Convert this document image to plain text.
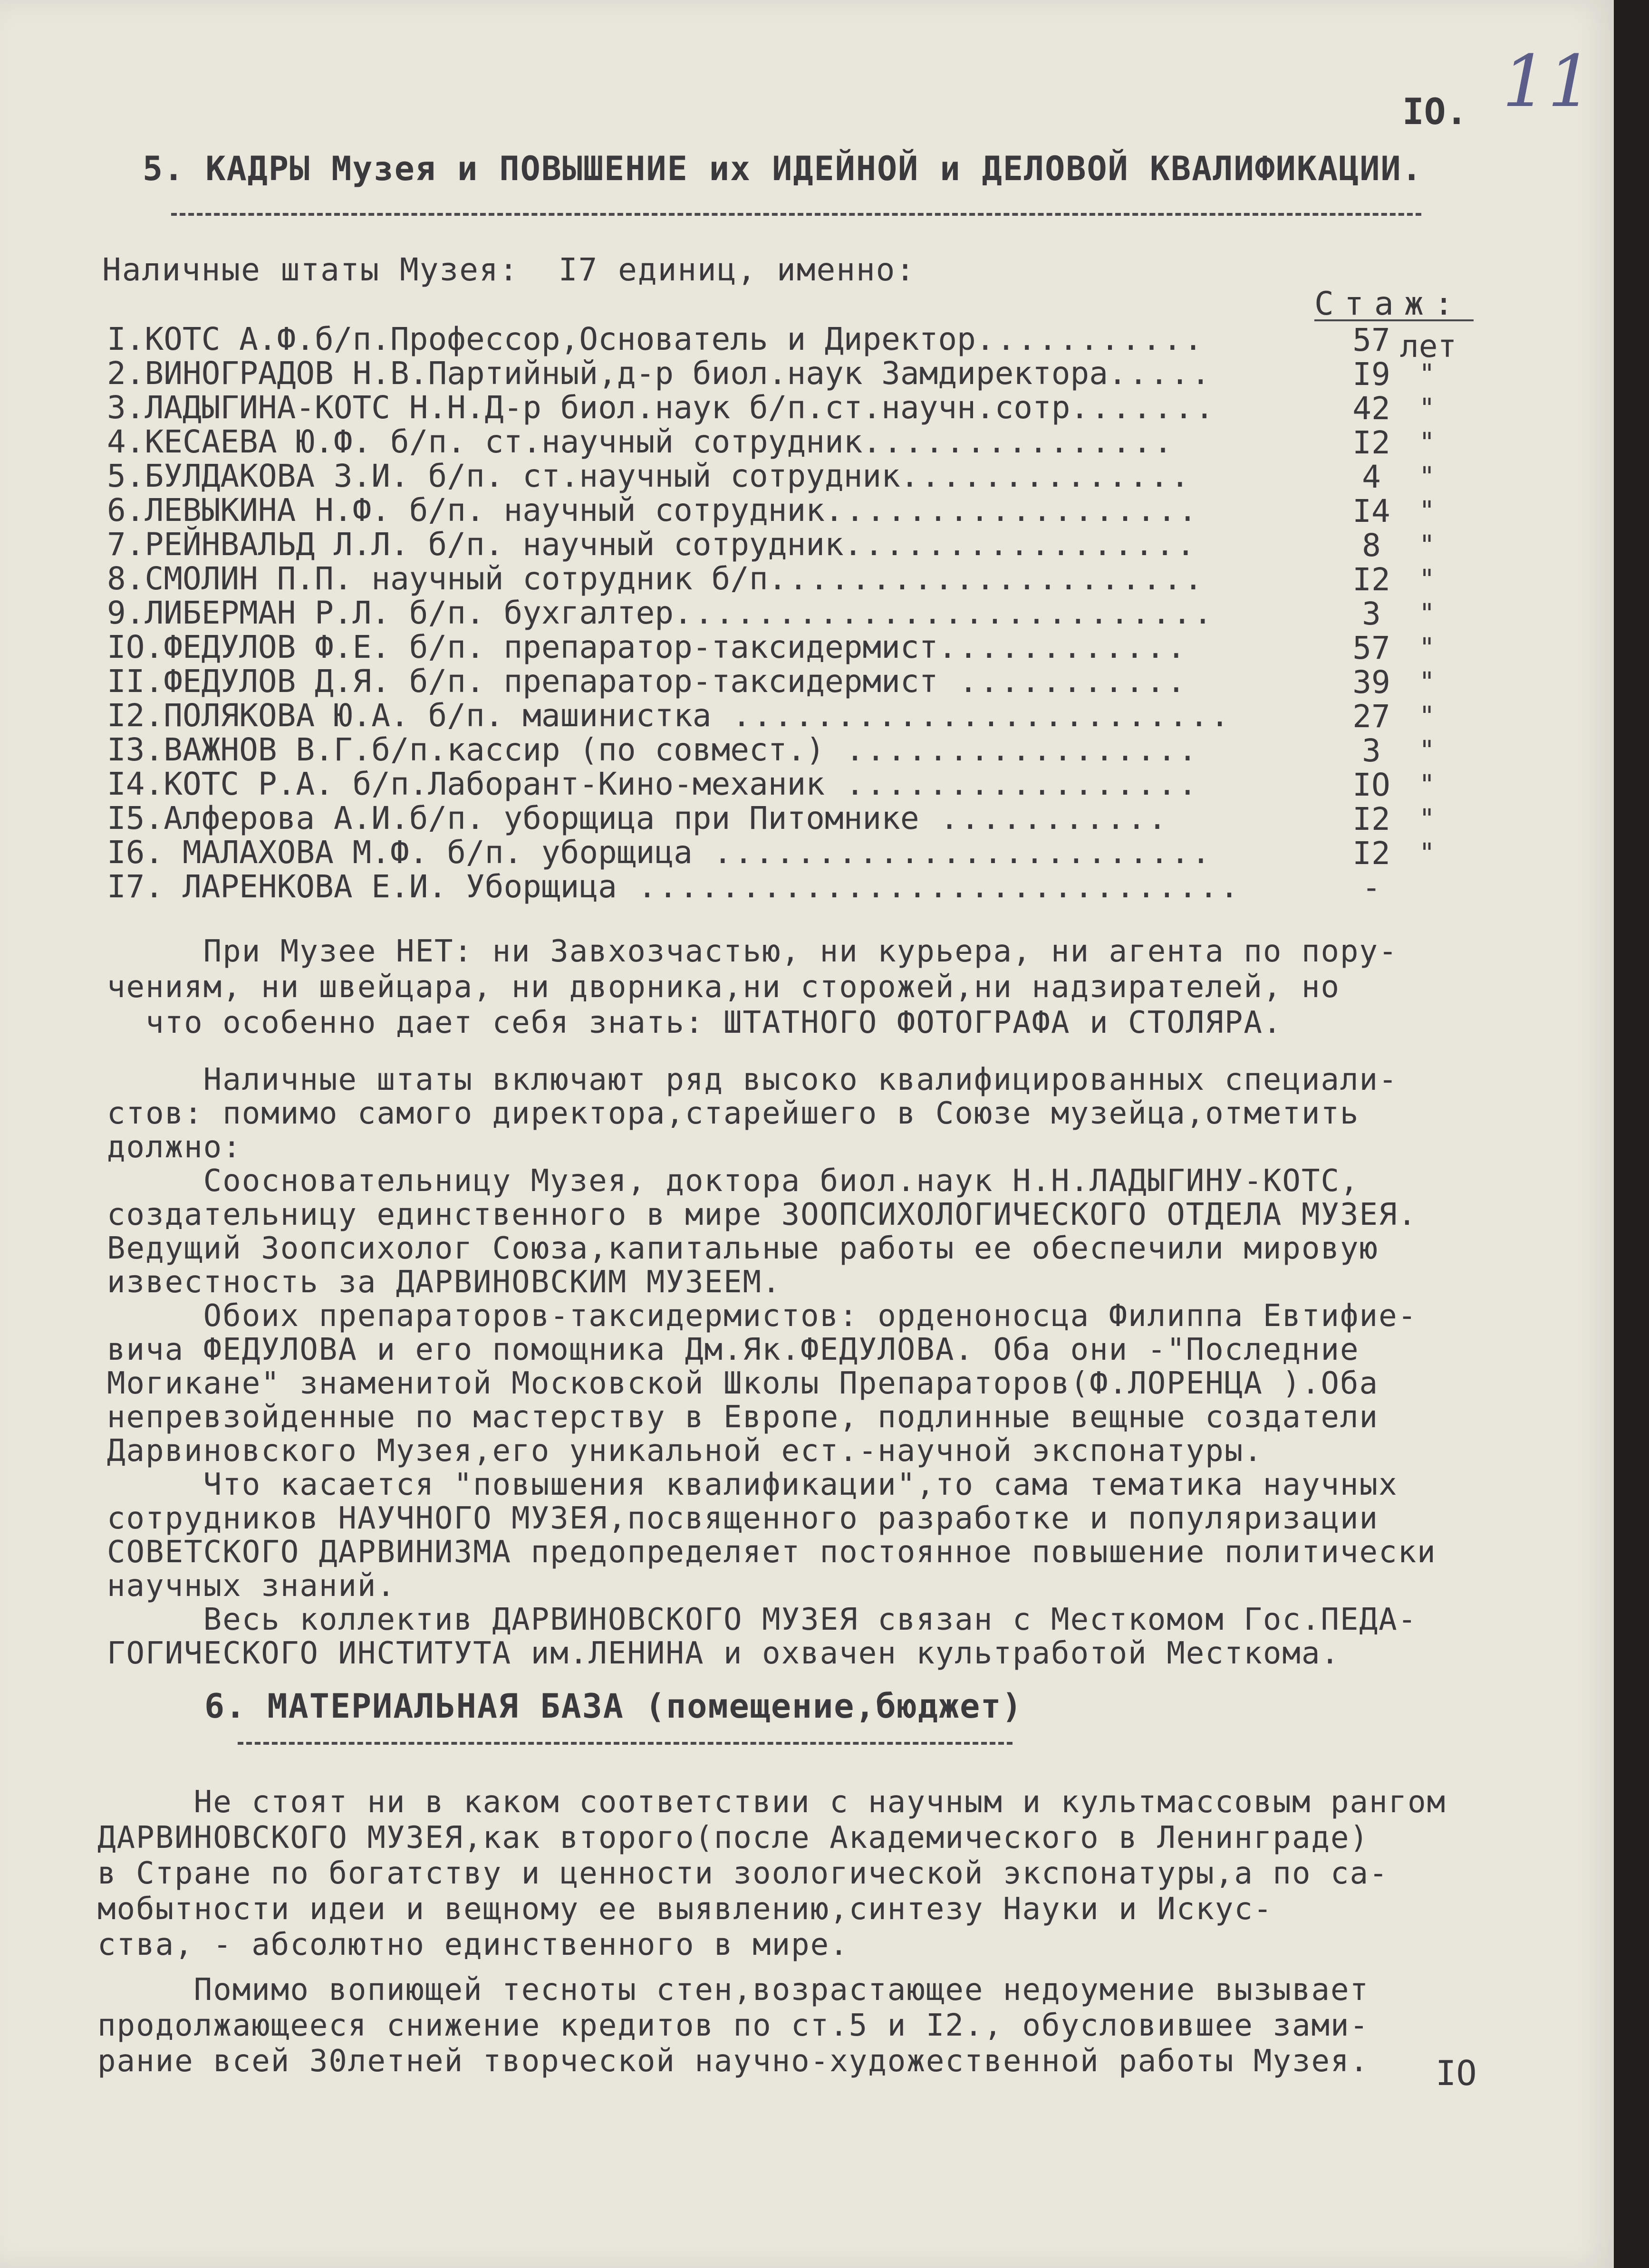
11
IO.
5. КАДРЫ Музея и ПОВЫШЕНИЕ их ИДЕЙНОЙ и ДЕЛОВОЙ КВАЛИФИКАЦИИ.
Наличные штаты Музея:  I7 единиц, именно:
Стаж:
I.КОТС А.Ф.б/п.Профессор,Основатель и Директор...........	57
2.ВИНОГРАДОВ Н.В.Партийный,д-р биол.наук Замдиректора.....	I9	"
3.ЛАДЫГИНА-КОТС Н.Н.Д-р биол.наук б/п.ст.научн.сотр.......	42	"
4.КЕСАЕВА Ю.Ф. б/п. ст.научный сотрудник...............	I2	"
5.БУЛДАКОВА З.И. б/п. ст.научный сотрудник..............	4	"
6.ЛЕВЫКИНА Н.Ф. б/п. научный сотрудник..................	I4	"
7.РЕЙНВАЛЬД Л.Л. б/п. научный сотрудник.................	8	"
8.СМОЛИН П.П. научный сотрудник б/п.....................	I2	"
9.ЛИБЕРМАН Р.Л. б/п. бухгалтер..........................	3	"
IO.ФЕДУЛОВ Ф.Е. б/п. препаратор-таксидермист............	57	"
II.ФЕДУЛОВ Д.Я. б/п. препаратор-таксидермист ...........	39	"
I2.ПОЛЯКОВА Ю.А. б/п. машинистка ........................	27	"
I3.ВАЖНОВ В.Г.б/п.кассир (по совмест.) .................	3	"
I4.КОТС Р.А. б/п.Лаборант-Кино-механик .................	IO	"
I5.Алферова А.И.б/п. уборщица при Питомнике ...........	I2	"
I6. МАЛАХОВА М.Ф. б/п. уборщица ........................	I2	"
I7. ЛАРЕНКОВА Е.И. Уборщица .............................	-
лет
При Музее НЕТ: ни Завхозчастью, ни курьера, ни агента по пору-
чениям, ни швейцара, ни дворника,ни сторожей,ни надзирателей, но
что особенно дает себя знать: ШТАТНОГО ФОТОГРАФА и СТОЛЯРА.
Наличные штаты включают ряд высоко квалифицированных специали-
стов: помимо самого директора,старейшего в Союзе музейца,отметить
должно:
Соосновательницу Музея, доктора биол.наук Н.Н.ЛАДЫГИНУ-КОТС,
создательницу единственного в мире ЗООПСИХОЛОГИЧЕСКОГО ОТДЕЛА МУЗЕЯ.
Ведущий Зоопсихолог Союза,капитальные работы ее обеспечили мировую
известность за ДАРВИНОВСКИМ МУЗЕЕМ.
Обоих препараторов-таксидермистов: орденоносца Филиппа Евтифие-
вича ФЕДУЛОВА и его помощника Дм.Як.ФЕДУЛОВА. Оба они -"Последние
Могикане" знаменитой Московской Школы Препараторов(Ф.ЛОРЕНЦА ).Оба
непревзойденные по мастерству в Европе, подлинные вещные создатели
Дарвиновского Музея,его уникальной ест.-научной экспонатуры.
Что касается "повышения квалификации",то сама тематика научных
сотрудников НАУЧНОГО МУЗЕЯ,посвященного разработке и популяризации
СОВЕТСКОГО ДАРВИНИЗМА предопределяет постоянное повышение политически
научных знаний.
Весь коллектив ДАРВИНОВСКОГО МУЗЕЯ связан с Месткомом Гос.ПЕДА-
ГОГИЧЕСКОГО ИНСТИТУТА им.ЛЕНИНА и охвачен культработой Месткома.
6. МАТЕРИАЛЬНАЯ БАЗА (помещение,бюджет)
Не стоят ни в каком соответствии с научным и культмассовым рангом
ДАРВИНОВСКОГО МУЗЕЯ,как второго(после Академического в Ленинграде)
в Стране по богатству и ценности зоологической экспонатуры,а по са-
мобытности идеи и вещному ее выявлению,синтезу Науки и Искус-
ства, - абсолютно единственного в мире.
Помимо вопиющей тесноты стен,возрастающее недоумение вызывает
продолжающееся снижение кредитов по ст.5 и I2., обусловившее зами-
рание всей 30летней творческой научно-художественной работы Музея. IO
